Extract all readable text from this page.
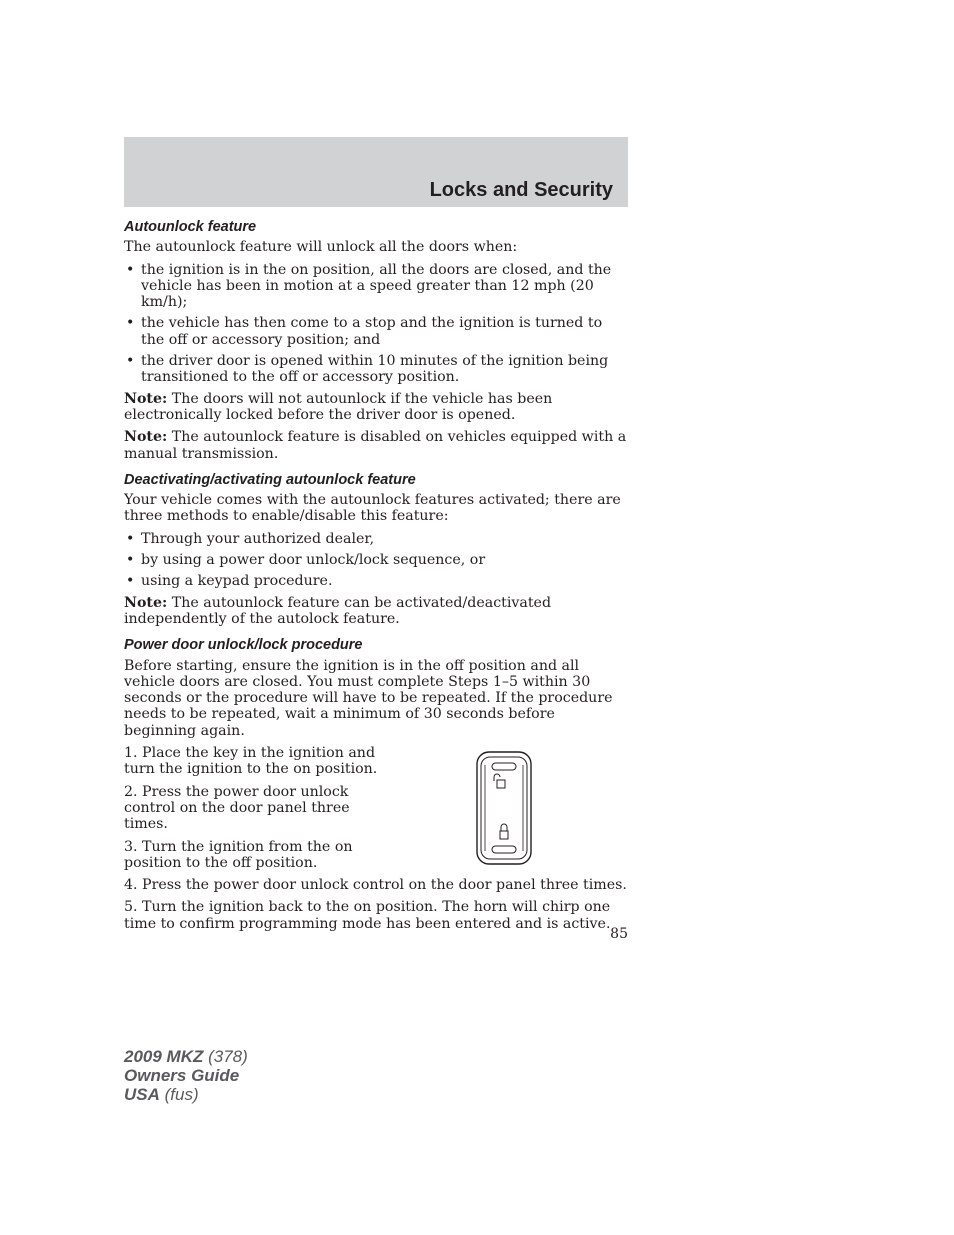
Locks and Security
Autounlock feature
The autounlock feature will unlock all the doors when:
• the ignition is in the on position, all the doors are closed, and the vehicle has been in motion at a speed greater than 12 mph (20 km/h);
• the vehicle has then come to a stop and the ignition is turned to the off or accessory position; and
• the driver door is opened within 10 minutes of the ignition being transitioned to the off or accessory position.
Note: The doors will not autounlock if the vehicle has been electronically locked before the driver door is opened.
Note: The autounlock feature is disabled on vehicles equipped with a manual transmission.
Deactivating/activating autounlock feature
Your vehicle comes with the autounlock features activated; there are three methods to enable/disable this feature:
• Through your authorized dealer,
• by using a power door unlock/lock sequence, or
• using a keypad procedure.
Note: The autounlock feature can be activated/deactivated independently of the autolock feature.
Power door unlock/lock procedure
Before starting, ensure the ignition is in the off position and all vehicle doors are closed. You must complete Steps 1–5 within 30 seconds or the procedure will have to be repeated. If the procedure needs to be repeated, wait a minimum of 30 seconds before beginning again.
1. Place the key in the ignition and turn the ignition to the on position.
2. Press the power door unlock control on the door panel three times.
3. Turn the ignition from the on position to the off position.
4. Press the power door unlock control on the door panel three times.
5. Turn the ignition back to the on position. The horn will chirp one time to confirm programming mode has been entered and is active.
85
2009 MKZ (378)
Owners Guide
USA (fus)
